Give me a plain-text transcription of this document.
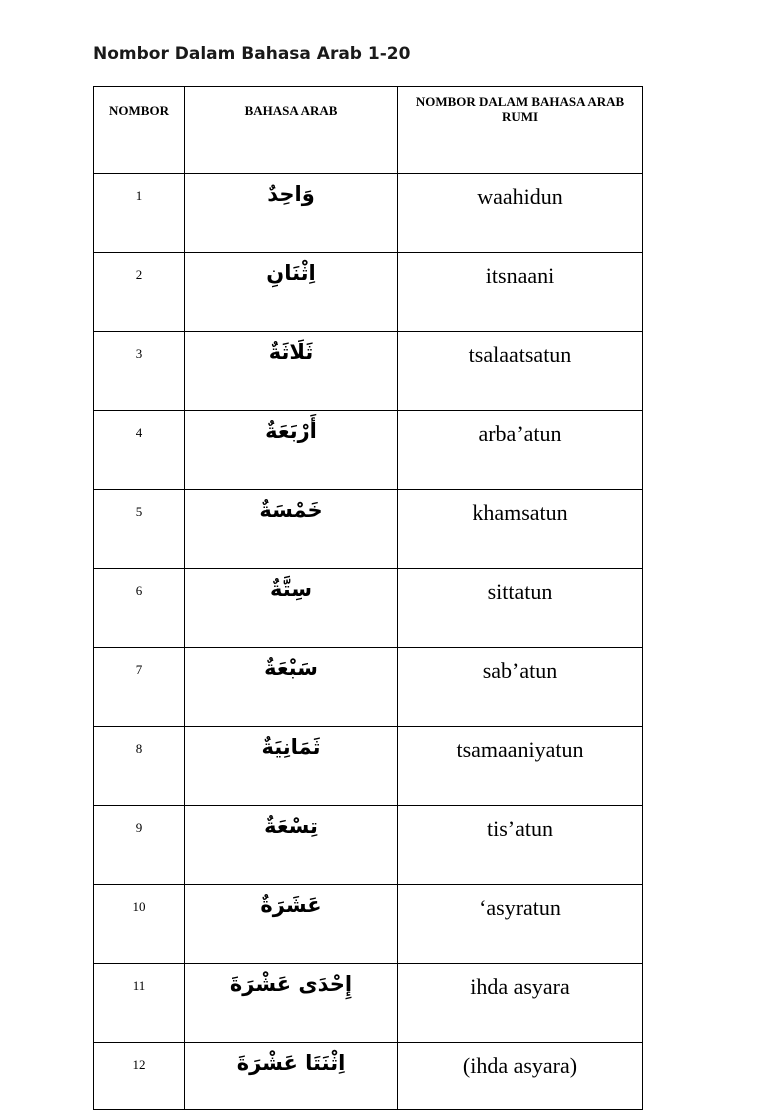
Nombor Dalam Bahasa Arab 1-20
NOMBOR	BAHASA ARAB	NOMBOR DALAM BAHASA ARAB RUMI
1	وَاحِدٌ	waahidun
2	اِثْنَانِ	itsnaani
3	ثَلَاثَةٌ	tsalaatsatun
4	أَرْبَعَةٌ	arba’atun
5	خَمْسَةٌ	khamsatun
6	سِتَّةٌ	sittatun
7	سَبْعَةٌ	sab’atun
8	ثَمَانِيَةٌ	tsamaaniyatun
9	تِسْعَةٌ	tis’atun
10	عَشَرَةٌ	‘asyratun
11	إِحْدَى عَشْرَةَ	ihda asyara
12	اِثْنَتَا عَشْرَةَ	(ihda asyara)
